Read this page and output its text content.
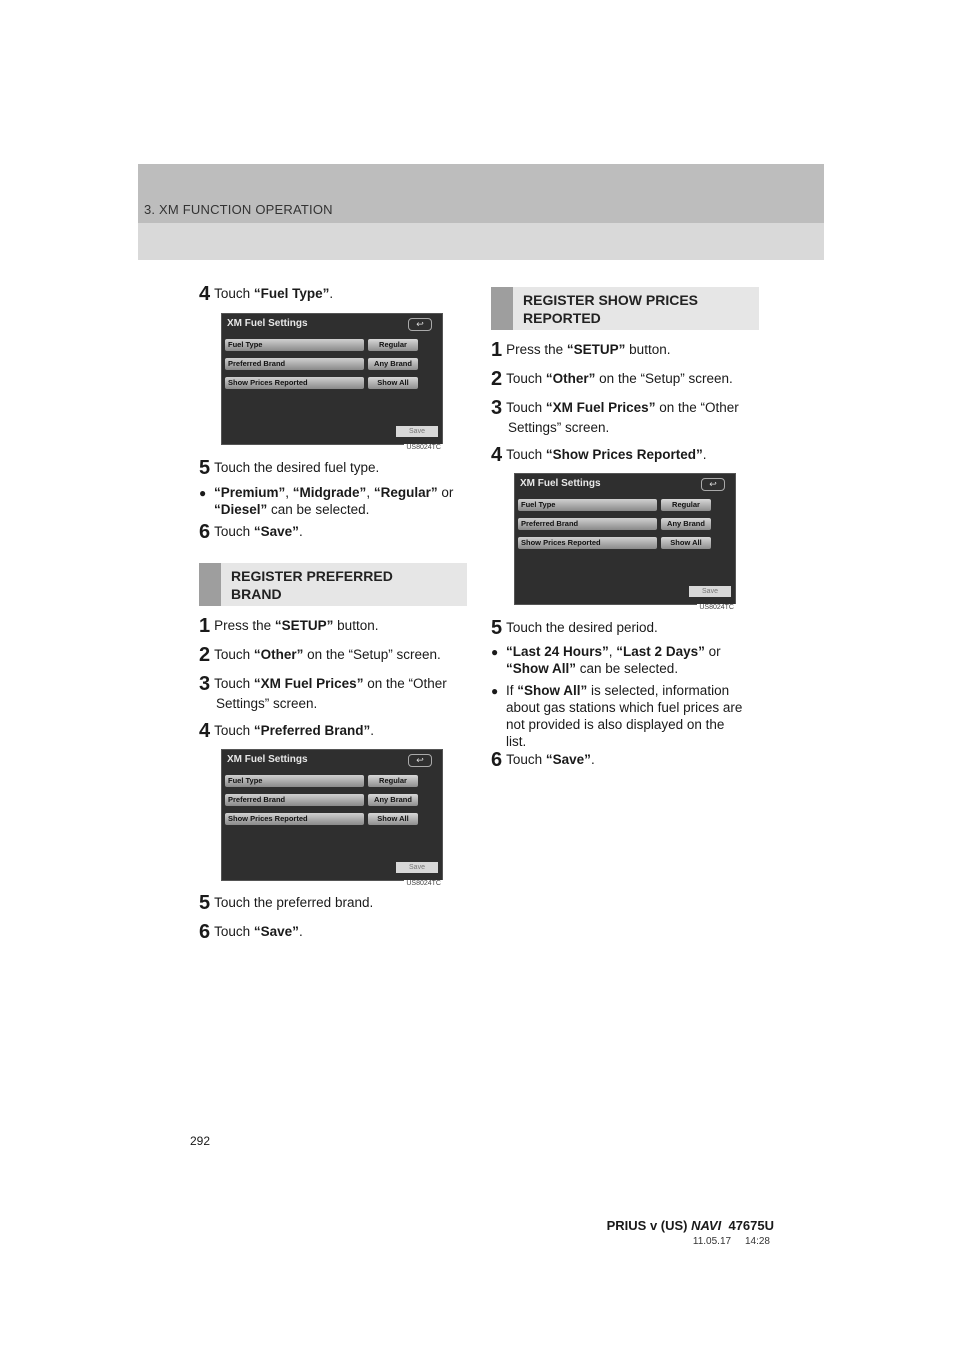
3. XM FUNCTION OPERATION
4 Touch “Fuel Type”.
XM Fuel Settings	↩
Fuel Type	Regular
Preferred Brand	Any Brand
Show Prices Reported	Show All
Save
US8024TC
5 Touch the desired fuel type.
● “Premium”, “Midgrade”, “Regular” or
“Diesel” can be selected.
6 Touch “Save”.
REGISTER PREFERRED
BRAND
1 Press the “SETUP” button.
2 Touch “Other” on the “Setup” screen.
3 Touch “XM Fuel Prices” on the “Other
Settings” screen.
4 Touch “Preferred Brand”.
XM Fuel Settings	↩
Fuel Type	Regular
Preferred Brand	Any Brand
Show Prices Reported	Show All
Save
US8024TC
5 Touch the preferred brand.
6 Touch “Save”.
REGISTER SHOW PRICES
REPORTED
1 Press the “SETUP” button.
2 Touch “Other” on the “Setup” screen.
3 Touch “XM Fuel Prices” on the “Other
Settings” screen.
4 Touch “Show Prices Reported”.
XM Fuel Settings	↩
Fuel Type	Regular
Preferred Brand	Any Brand
Show Prices Reported	Show All
Save
US8024TC
5 Touch the desired period.
● “Last 24 Hours”, “Last 2 Days” or
“Show All” can be selected.
● If “Show All” is selected, information
about gas stations which fuel prices are
not provided is also displayed on the
list.
6 Touch “Save”.
292
PRIUS v (US) NAVI  47675U
11.05.17     14:28
